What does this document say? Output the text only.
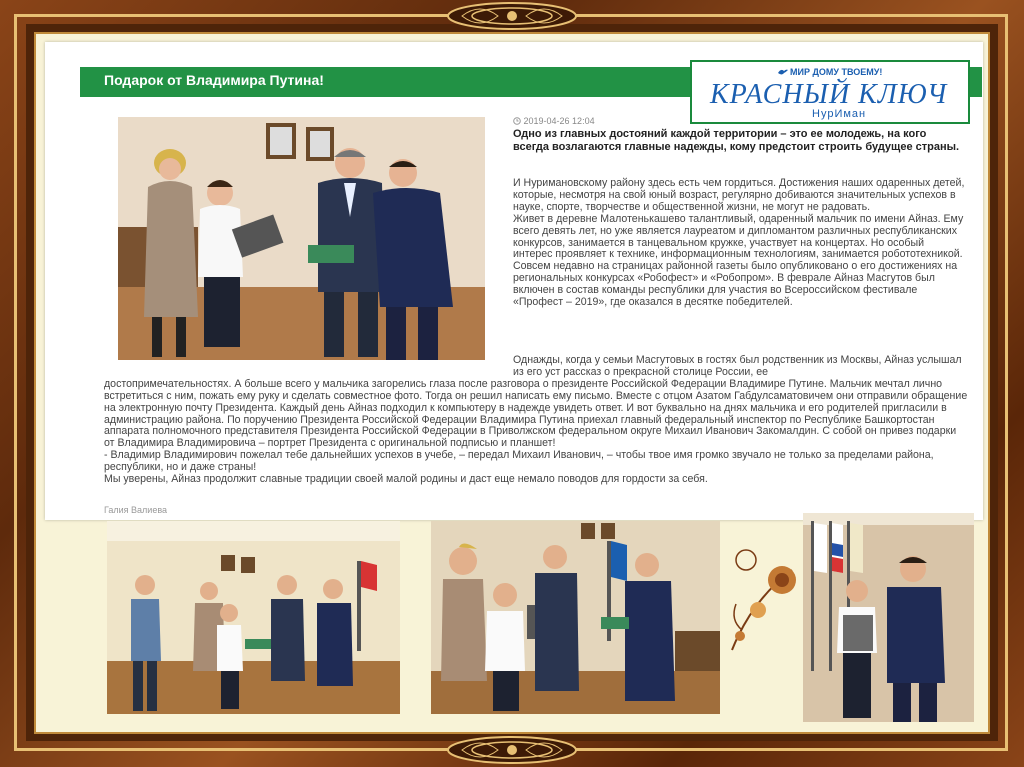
Подарок от Владимира Путина!	МИР ДОМУ ТВОЕМУ!
КРАСНЫЙ КЛЮЧ
НурИман
2019-04-26 12:04
Одно из главных достояний каждой территории – это ее молодежь, на кого всегда возлагаются главные надежды, кому предстоит строить будущее страны.
И Нуримановскому району здесь есть чем гордиться. Достижения наших одаренных детей, которые, несмотря на свой юный возраст, регулярно добиваются значительных успехов в науке, спорте, творчестве и общественной жизни, не могут не радовать.
Живет в деревне Малотенькашево талантливый, одаренный мальчик по имени Айназ. Ему всего девять лет, но уже является лауреатом и дипломантом различных республиканских конкурсов, занимается в танцевальном кружке, участвует на концертах. Но особый интерес проявляет к технике, информационным технологиям, занимается робототехникой. Совсем недавно на страницах районной газеты было опубликовано о его достижениях на региональных конкурсах «Робофест» и «Робопром». В феврале Айназ Масгутов был включен в состав команды республики для участия во Всероссийском фестивале «Профест – 2019», где оказался в десятке победителей.
Однажды, когда у семьи Масгутовых в гостях был родственник из Москвы, Айназ услышал из его уст рассказ о прекрасной столице России, ее
достопримечательностях. А больше всего у мальчика загорелись глаза после разговора о президенте Российской Федерации Владимире Путине. Мальчик мечтал лично встретиться с ним, пожать ему руку и сделать совместное фото. Тогда он решил написать ему письмо. Вместе с отцом Азатом Габдулсаматовичем они отправили обращение на электронную почту Президента. Каждый день Айназ подходил к компьютеру в надежде увидеть ответ. И вот буквально на днях мальчика и его родителей пригласили в администрацию района. По поручению Президента Российской Федерации Владимира Путина приехал главный федеральный инспектор по Республике Башкортостан аппарата полномочного представителя Президента Российской Федерации в Приволжском федеральном округе Михаил Иванович Закомалдин. С собой он привез подарки от Владимира Владимировича – портрет Президента с оригинальной подписью и планшет!
- Владимир Владимирович пожелал тебе дальнейших успехов в учебе, – передал Михаил Иванович, – чтобы твое имя громко звучало не только за пределами района, республики, но и даже страны!
Мы уверены, Айназ продолжит славные традиции своей малой родины и даст еще немало поводов для гордости за себя.
Галия Валиева
